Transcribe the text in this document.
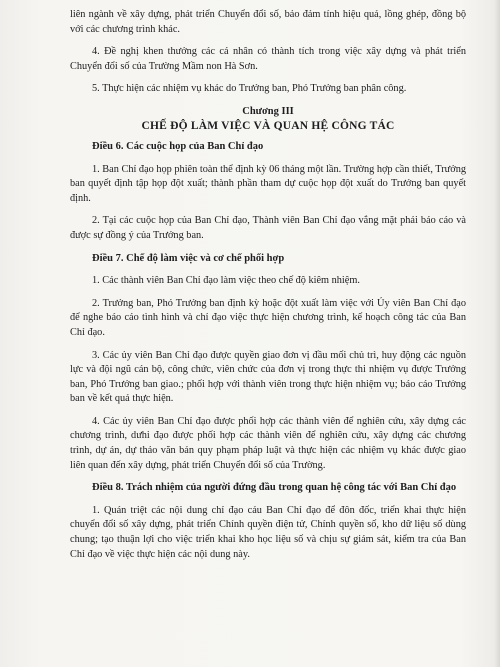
liên ngành về xây dựng, phát triển Chuyển đổi số, bảo đảm tính hiệu quả, lồng ghép, đồng bộ với các chương trình khác.

4. Đề nghị khen thưởng các cá nhân có thành tích trong việc xây dựng và phát triển Chuyển đổi số của Trường Mầm non Hà Sơn.

5. Thực hiện các nhiệm vụ khác do Trưởng ban, Phó Trưởng ban phân công.

Chương III
CHẾ ĐỘ LÀM VIỆC VÀ QUAN HỆ CÔNG TÁC
Điều 6. Các cuộc họp của Ban Chỉ đạo

1. Ban Chỉ đạo họp phiên toàn thể định kỳ 06 tháng một lần. Trường hợp cần thiết, Trưởng ban quyết định tập họp đột xuất; thành phần tham dự cuộc họp đột xuất do Trưởng ban quyết định.

2. Tại các cuộc họp của Ban Chỉ đạo, Thành viên Ban Chỉ đạo vắng mặt phải báo cáo và được sự đồng ý của Trưởng ban.

Điều 7. Chế độ làm việc và cơ chế phối hợp

1. Các thành viên Ban Chỉ đạo làm việc theo chế độ kiêm nhiệm.

2. Trưởng ban, Phó Trưởng ban định kỳ hoặc đột xuất làm việc với Ủy viên Ban Chỉ đạo để nghe báo cáo tình hình và chỉ đạo việc thực hiện chương trình, kế hoạch công tác của Ban Chỉ đạo.

3. Các ủy viên Ban Chỉ đạo được quyền giao đơn vị đầu mối chủ trì, huy động các nguồn lực và đội ngũ cán bộ, công chức, viên chức của đơn vị trong thực thi nhiệm vụ được Trưởng ban, Phó Trưởng ban giao.; phối hợp với thành viên trong thực hiện nhiệm vụ; báo cáo Trưởng ban về kết quả thực hiện.

4. Các ủy viên Ban Chỉ đạo được phối hợp các thành viên để nghiên cứu, xây dựng các chương trình, dưhi đạo được phối hợp các thành viên để nghiên cứu, xây dựng các chương trình, dự án, dự thảo văn bản quy phạm pháp luật và thực hiện các nhiệm vụ khác được giao liên quan đến xây dựng, phát triển Chuyển đổi số của Trường.

Điều 8. Trách nhiệm của người đứng đầu trong quan hệ công tác với Ban Chỉ đạo

1. Quán triệt các nội dung chỉ đạo cảu Ban Chỉ đạo để đôn đốc, triển khai thực hiện chuyển đổi số xây dựng, phát triển Chính quyền điện tử, Chính quyền số, kho dữ liệu số dùng chung; tạo thuận lợi cho việc triển khai kho học liệu số và chịu sự giám sát, kiểm tra của Ban Chỉ đạo về việc thực hiện các nội dung này.
